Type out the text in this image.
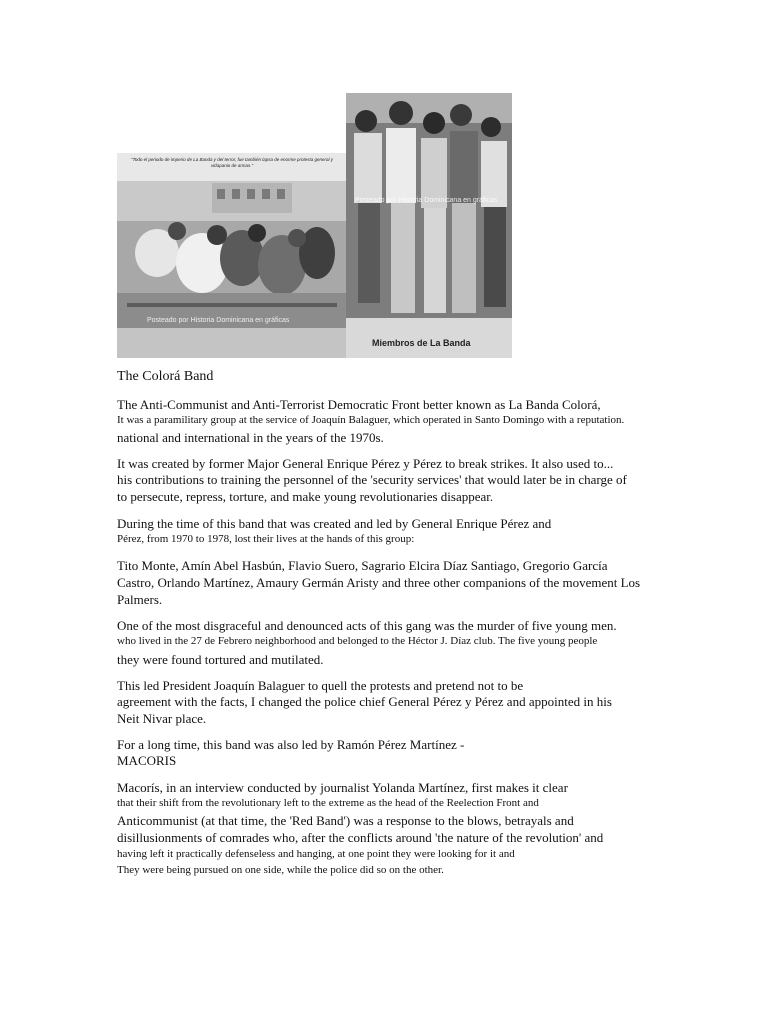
"Todo el periodo de imperio de La Banda y del terror, fue también lapsa de enorme protesta general y vidapanio de armas."
Posteado por Historia Dominicana en gráficas
Posteado por Historia Dominicana en gráficas
Miembros de La Banda
The Colorá Band
The Anti-Communist and Anti-Terrorist Democratic Front better known as La Banda Colorá,
It was a paramilitary group at the service of Joaquín Balaguer, which operated in Santo Domingo with a reputation.
national and international in the years of the 1970s.
It was created by former Major General Enrique Pérez y Pérez to break strikes. It also used to...
his contributions to training the personnel of the 'security services' that would later be in charge of
to persecute, repress, torture, and make young revolutionaries disappear.
During the time of this band that was created and led by General Enrique Pérez and
Pérez, from 1970 to 1978, lost their lives at the hands of this group:
Tito Monte, Amín Abel Hasbún, Flavio Suero, Sagrario Elcira Díaz Santiago, Gregorio García
Castro, Orlando Martínez, Amaury Germán Aristy and three other companions of the movement Los
Palmers.
One of the most disgraceful and denounced acts of this gang was the murder of five young men.
who lived in the 27 de Febrero neighborhood and belonged to the Héctor J. Díaz club. The five young people
they were found tortured and mutilated.
This led President Joaquín Balaguer to quell the protests and pretend not to be
agreement with the facts, I changed the police chief General Pérez y Pérez and appointed in his
Neit Nivar place.
For a long time, this band was also led by Ramón Pérez Martínez -
MACORIS
Macorís, in an interview conducted by journalist Yolanda Martínez, first makes it clear
that their shift from the revolutionary left to the extreme as the head of the Reelection Front and
Anticommunist (at that time, the 'Red Band') was a response to the blows, betrayals and
disillusionments of comrades who, after the conflicts around 'the nature of the revolution' and
having left it practically defenseless and hanging, at one point they were looking for it and
They were being pursued on one side, while the police did so on the other.
